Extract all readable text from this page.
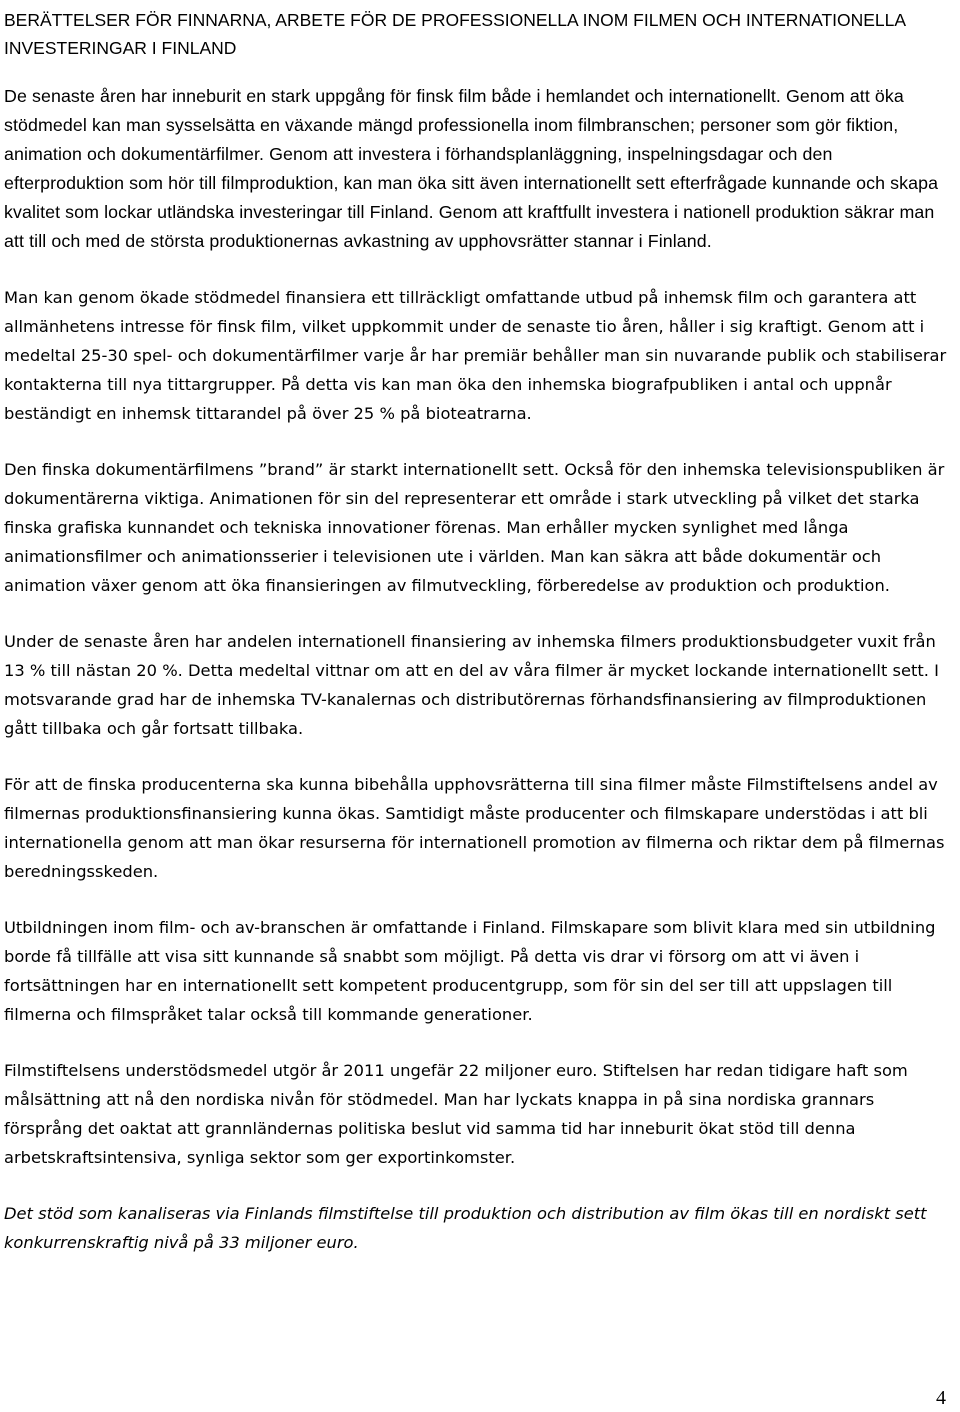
BERÄTTELSER FÖR FINNARNA, ARBETE FÖR DE PROFESSIONELLA INOM FILMEN OCH INTERNATIONELLA INVESTERINGAR I FINLAND

De senaste åren har inneburit en stark uppgång för finsk film både i hemlandet och internationellt. Genom att öka stödmedel kan man sysselsätta en växande mängd professionella inom filmbranschen; personer som gör fiktion, animation och dokumentärfilmer. Genom att investera i förhandsplanläggning, inspelningsdagar och den efterproduktion som hör till filmproduktion, kan man öka sitt även internationellt sett efterfrågade kunnande och skapa kvalitet som lockar utländska investeringar till Finland. Genom att kraftfullt investera i nationell produktion säkrar man att till och med de största produktionernas avkastning av upphovsrätter stannar i Finland.

Man kan genom ökade stödmedel finansiera ett tillräckligt omfattande utbud på inhemsk film och garantera att allmänhetens intresse för finsk film, vilket uppkommit under de senaste tio åren, håller i sig kraftigt. Genom att i medeltal 25-30 spel- och dokumentärfilmer varje år har premiär behåller man sin nuvarande publik och stabiliserar kontakterna till nya tittargrupper. På detta vis kan man öka den inhemska biografpubliken i antal och uppnår beständigt en inhemsk tittarandel på över 25 % på bioteatrarna.

Den finska dokumentärfilmens ”brand” är starkt internationellt sett. Också för den inhemska televisionspubliken är dokumentärerna viktiga. Animationen för sin del representerar ett område i stark utveckling på vilket det starka finska grafiska kunnandet och tekniska innovationer förenas. Man erhåller mycken synlighet med långa animationsfilmer och animationsserier i televisionen ute i världen. Man kan säkra att både dokumentär och animation växer genom att öka finansieringen av filmutveckling, förberedelse av produktion och produktion.

Under de senaste åren har andelen internationell finansiering av inhemska filmers produktionsbudgeter vuxit från 13 % till nästan 20 %. Detta medeltal vittnar om att en del av våra filmer är mycket lockande internationellt sett. I motsvarande grad har de inhemska TV-kanalernas och distributörernas förhandsfinansiering av filmproduktionen gått tillbaka och går fortsatt tillbaka.

För att de finska producenterna ska kunna bibehålla upphovsrätterna till sina filmer måste Filmstiftelsens andel av filmernas produktionsfinansiering kunna ökas. Samtidigt måste producenter och filmskapare understödas i att bli internationella genom att man ökar resurserna för internationell promotion av filmerna och riktar dem på filmernas beredningsskeden.

Utbildningen inom film- och av-branschen är omfattande i Finland. Filmskapare som blivit klara med sin utbildning borde få tillfälle att visa sitt kunnande så snabbt som möjligt. På detta vis drar vi försorg om att vi även i fortsättningen har en internationellt sett kompetent producentgrupp, som för sin del ser till att uppslagen till filmerna och filmspråket talar också till kommande generationer.

Filmstiftelsens understödsmedel utgör år 2011 ungefär 22 miljoner euro. Stiftelsen har redan tidigare haft som målsättning att nå den nordiska nivån för stödmedel. Man har lyckats knappa in på sina nordiska grannars försprång det oaktat att grannländernas politiska beslut vid samma tid har inneburit ökat stöd till denna arbetskraftsintensiva, synliga sektor som ger exportinkomster.

Det stöd som kanaliseras via Finlands filmstiftelse till produktion och distribution av film ökas till en nordiskt sett konkurrenskraftig nivå på 33 miljoner euro.

4
